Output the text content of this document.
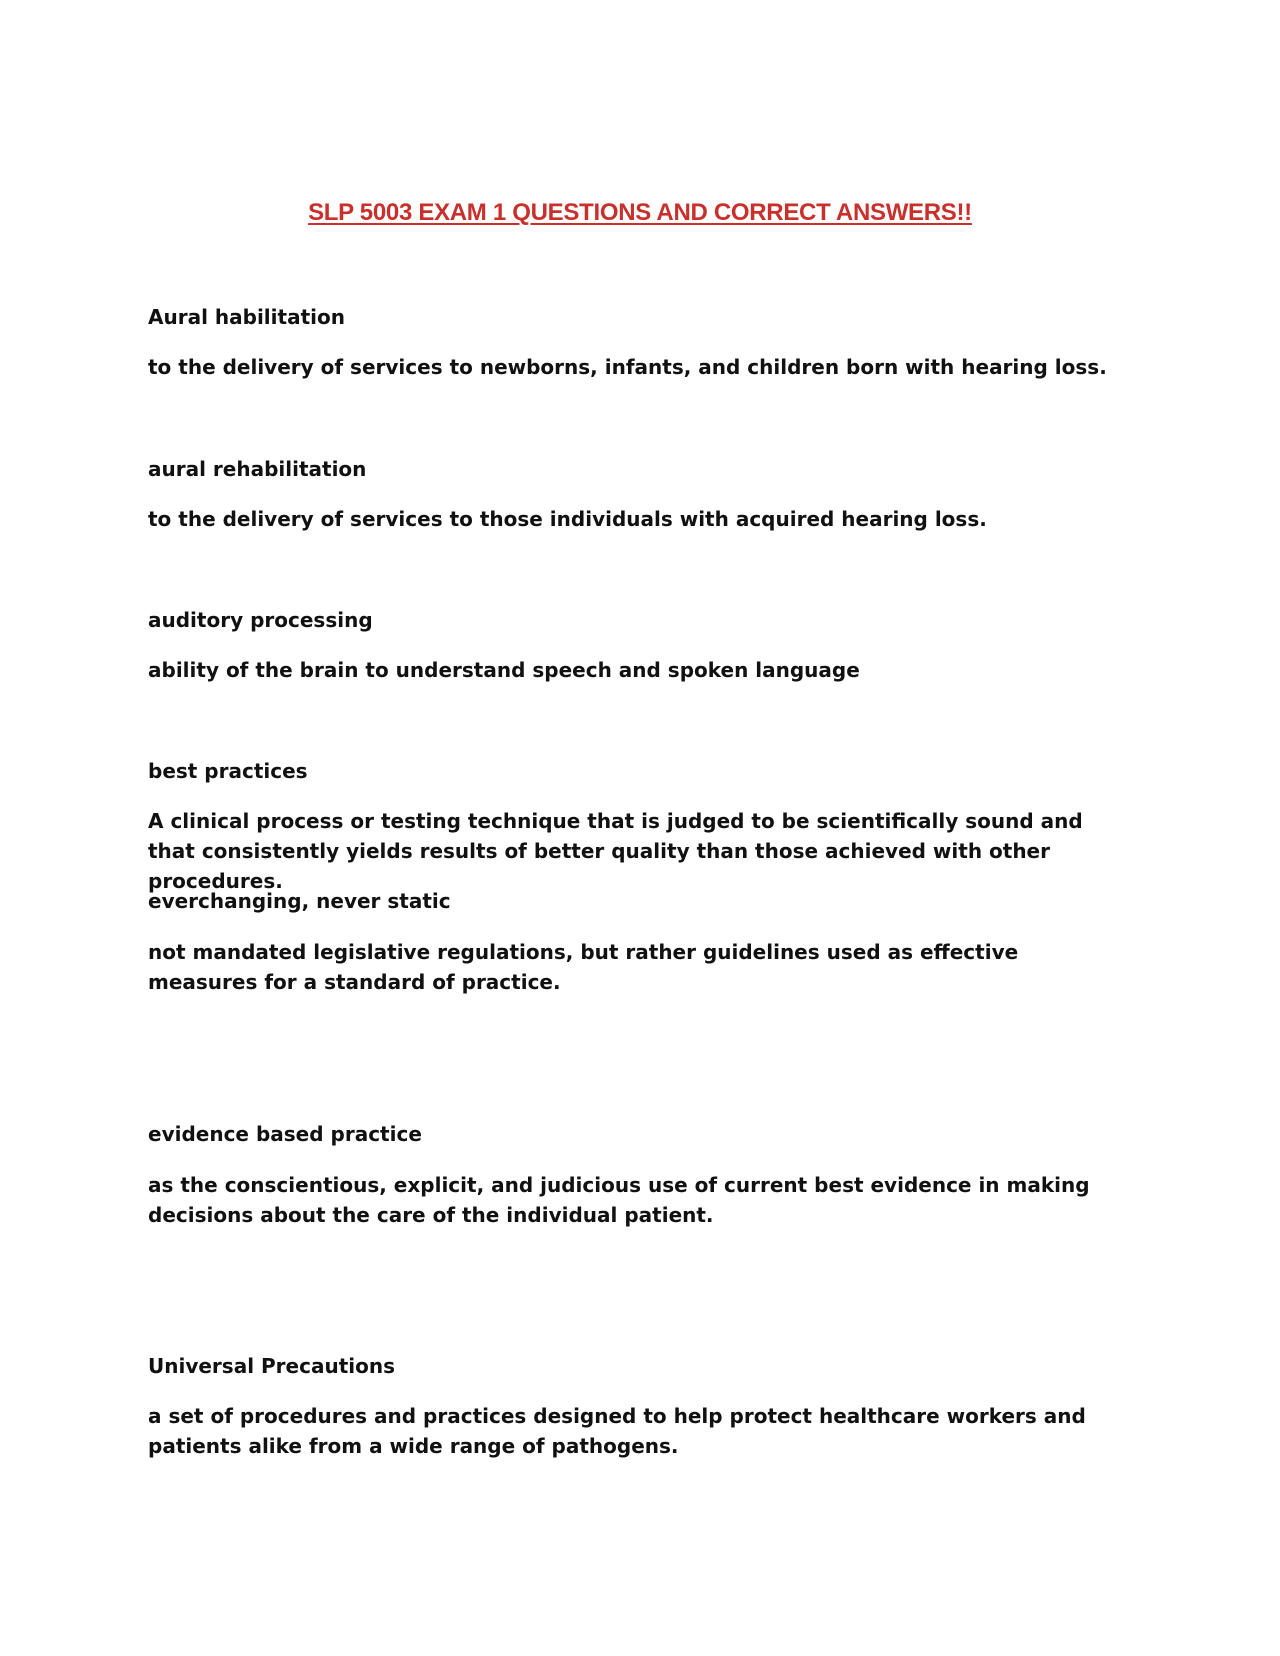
SLP 5003 EXAM 1 QUESTIONS AND CORRECT ANSWERS!!

Aural habilitation

to the delivery of services to newborns, infants, and children born with hearing loss.

aural rehabilitation

to the delivery of services to those individuals with acquired hearing loss.

auditory processing

ability of the brain to understand speech and spoken language

best practices

A clinical process or testing technique that is judged to be scientifically sound and that consistently yields results of better quality than those achieved with other procedures.

everchanging, never static

not mandated legislative regulations, but rather guidelines used as effective measures for a standard of practice.

evidence based practice

as the conscientious, explicit, and judicious use of current best evidence in making decisions about the care of the individual patient.

Universal Precautions

a set of procedures and practices designed to help protect healthcare workers and patients alike from a wide range of pathogens.
